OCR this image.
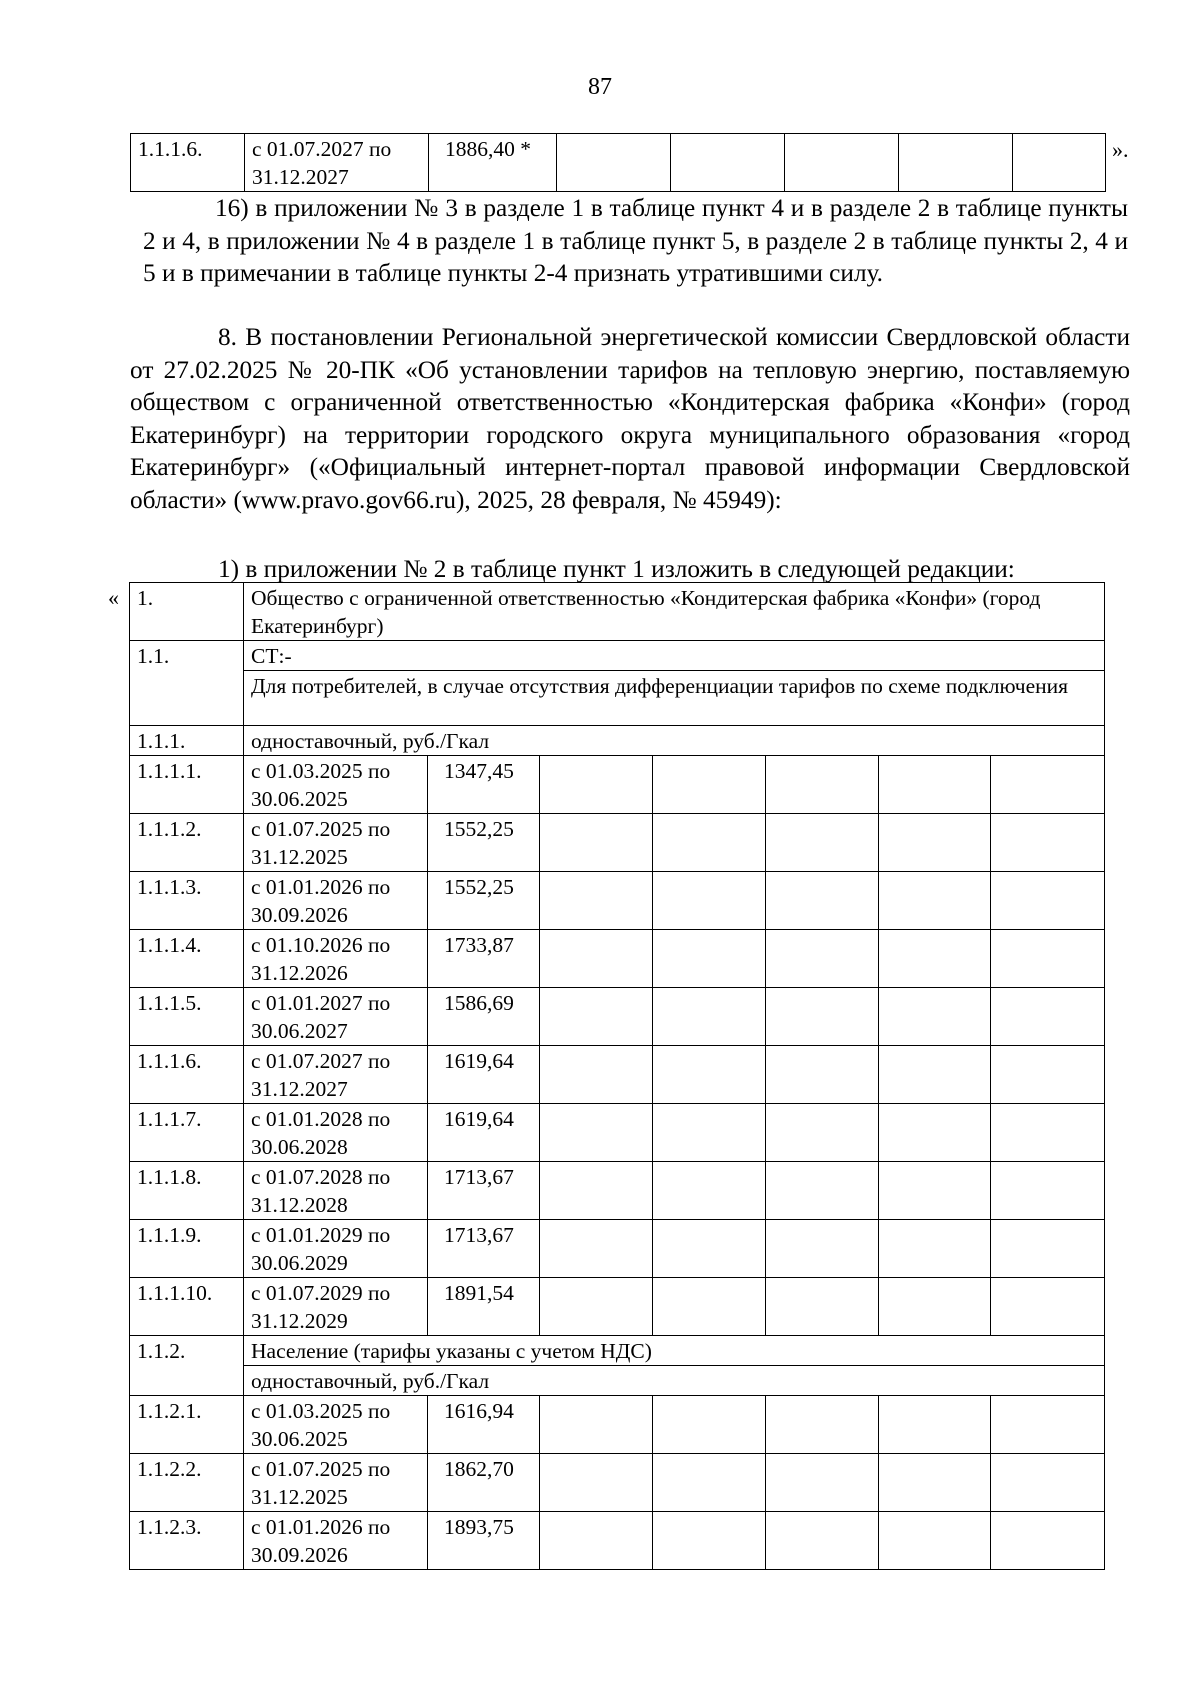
87
1.1.1.6.	с 01.07.2027 по 31.12.2027	1886,40 *						».
16) в приложении № 3 в разделе 1 в таблице пункт 4 и в разделе 2 в таблице пункты 2 и 4, в приложении № 4 в разделе 1 в таблице пункт 5, в разделе 2 в таблице пункты 2, 4 и 5 и в примечании в таблице пункты 2-4 признать утратившими силу.
8. В постановлении Региональной энергетической комиссии Свердловской области от 27.02.2025 № 20-ПК «Об установлении тарифов на тепловую энергию, поставляемую обществом с ограниченной ответственностью «Кондитерская фабрика «Конфи» (город Екатеринбург) на территории городского округа муниципального образования «город Екатеринбург» («Официальный интернет-портал правовой информации Свердловской области» (www.pravo.gov66.ru), 2025, 28 февраля, № 45949):
1) в приложении № 2 в таблице пункт 1 изложить в следующей редакции:
« 1.	Общество с ограниченной ответственностью «Кондитерская фабрика «Конфи» (город Екатеринбург)						
1.1.	СТ:-						
	Для потребителей, в случае отсутствия дифференциации тарифов по схеме подключения						
1.1.1.	одноставочный, руб./Гкал						
1.1.1.1.	с 01.03.2025 по 30.06.2025	1347,45					
1.1.1.2.	с 01.07.2025 по 31.12.2025	1552,25					
1.1.1.3.	с 01.01.2026 по 30.09.2026	1552,25					
1.1.1.4.	с 01.10.2026 по 31.12.2026	1733,87					
1.1.1.5.	с 01.01.2027 по 30.06.2027	1586,69					
1.1.1.6.	с 01.07.2027 по 31.12.2027	1619,64					
1.1.1.7.	с 01.01.2028 по 30.06.2028	1619,64					
1.1.1.8.	с 01.07.2028 по 31.12.2028	1713,67					
1.1.1.9.	с 01.01.2029 по 30.06.2029	1713,67					
1.1.1.10.	с 01.07.2029 по 31.12.2029	1891,54					
1.1.2.	Население (тарифы указаны с учетом НДС)						
	одноставочный, руб./Гкал						
1.1.2.1.	с 01.03.2025 по 30.06.2025	1616,94					
1.1.2.2.	с 01.07.2025 по 31.12.2025	1862,70					
1.1.2.3.	с 01.01.2026 по 30.09.2026	1893,75					
